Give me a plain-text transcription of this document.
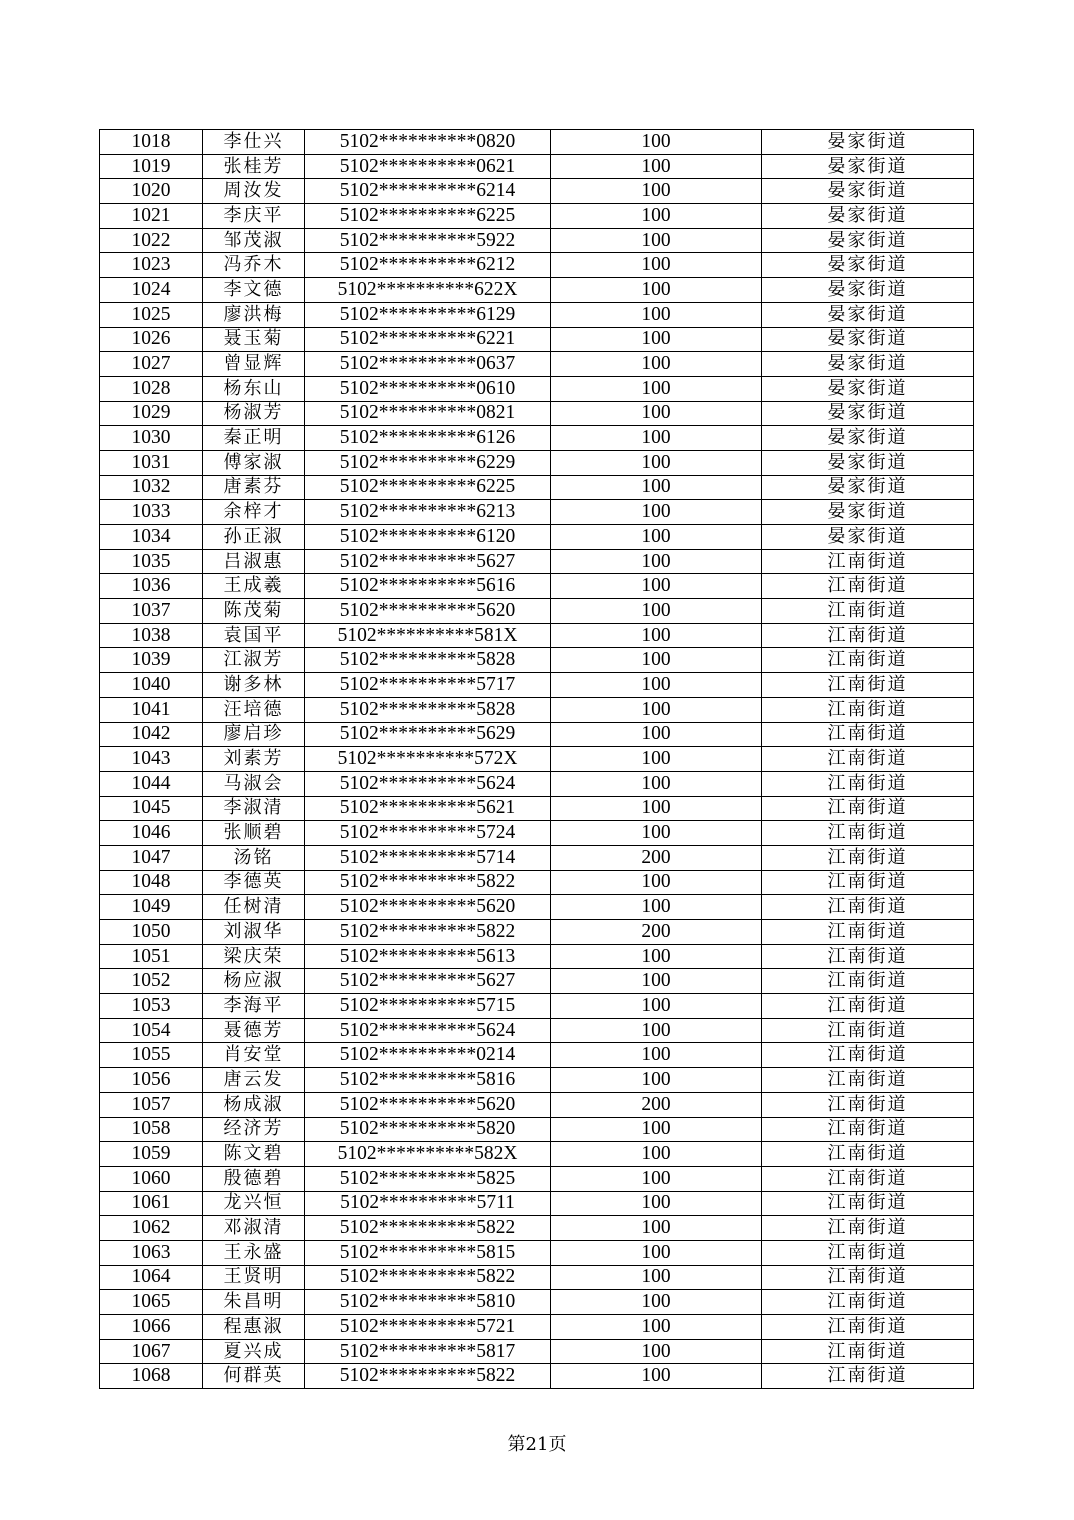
1018	李仕兴	5102**********0820	100	晏家街道
1019	张桂芳	5102**********0621	100	晏家街道
1020	周汝发	5102**********6214	100	晏家街道
1021	李庆平	5102**********6225	100	晏家街道
1022	邹茂淑	5102**********5922	100	晏家街道
1023	冯乔木	5102**********6212	100	晏家街道
1024	李文德	5102**********622X	100	晏家街道
1025	廖洪梅	5102**********6129	100	晏家街道
1026	聂玉菊	5102**********6221	100	晏家街道
1027	曾显辉	5102**********0637	100	晏家街道
1028	杨东山	5102**********0610	100	晏家街道
1029	杨淑芳	5102**********0821	100	晏家街道
1030	秦正明	5102**********6126	100	晏家街道
1031	傅家淑	5102**********6229	100	晏家街道
1032	唐素芬	5102**********6225	100	晏家街道
1033	余梓才	5102**********6213	100	晏家街道
1034	孙正淑	5102**********6120	100	晏家街道
1035	吕淑惠	5102**********5627	100	江南街道
1036	王成羲	5102**********5616	100	江南街道
1037	陈茂菊	5102**********5620	100	江南街道
1038	袁国平	5102**********581X	100	江南街道
1039	江淑芳	5102**********5828	100	江南街道
1040	谢多林	5102**********5717	100	江南街道
1041	汪培德	5102**********5828	100	江南街道
1042	廖启珍	5102**********5629	100	江南街道
1043	刘素芳	5102**********572X	100	江南街道
1044	马淑会	5102**********5624	100	江南街道
1045	李淑清	5102**********5621	100	江南街道
1046	张顺碧	5102**********5724	100	江南街道
1047	汤铭	5102**********5714	200	江南街道
1048	李德英	5102**********5822	100	江南街道
1049	任树清	5102**********5620	100	江南街道
1050	刘淑华	5102**********5822	200	江南街道
1051	梁庆荣	5102**********5613	100	江南街道
1052	杨应淑	5102**********5627	100	江南街道
1053	李海平	5102**********5715	100	江南街道
1054	聂德芳	5102**********5624	100	江南街道
1055	肖安堂	5102**********0214	100	江南街道
1056	唐云发	5102**********5816	100	江南街道
1057	杨成淑	5102**********5620	200	江南街道
1058	经济芳	5102**********5820	100	江南街道
1059	陈文碧	5102**********582X	100	江南街道
1060	殷德碧	5102**********5825	100	江南街道
1061	龙兴恒	5102**********5711	100	江南街道
1062	邓淑清	5102**********5822	100	江南街道
1063	王永盛	5102**********5815	100	江南街道
1064	王贤明	5102**********5822	100	江南街道
1065	朱昌明	5102**********5810	100	江南街道
1066	程惠淑	5102**********5721	100	江南街道
1067	夏兴成	5102**********5817	100	江南街道
1068	何群英	5102**********5822	100	江南街道
第21页
